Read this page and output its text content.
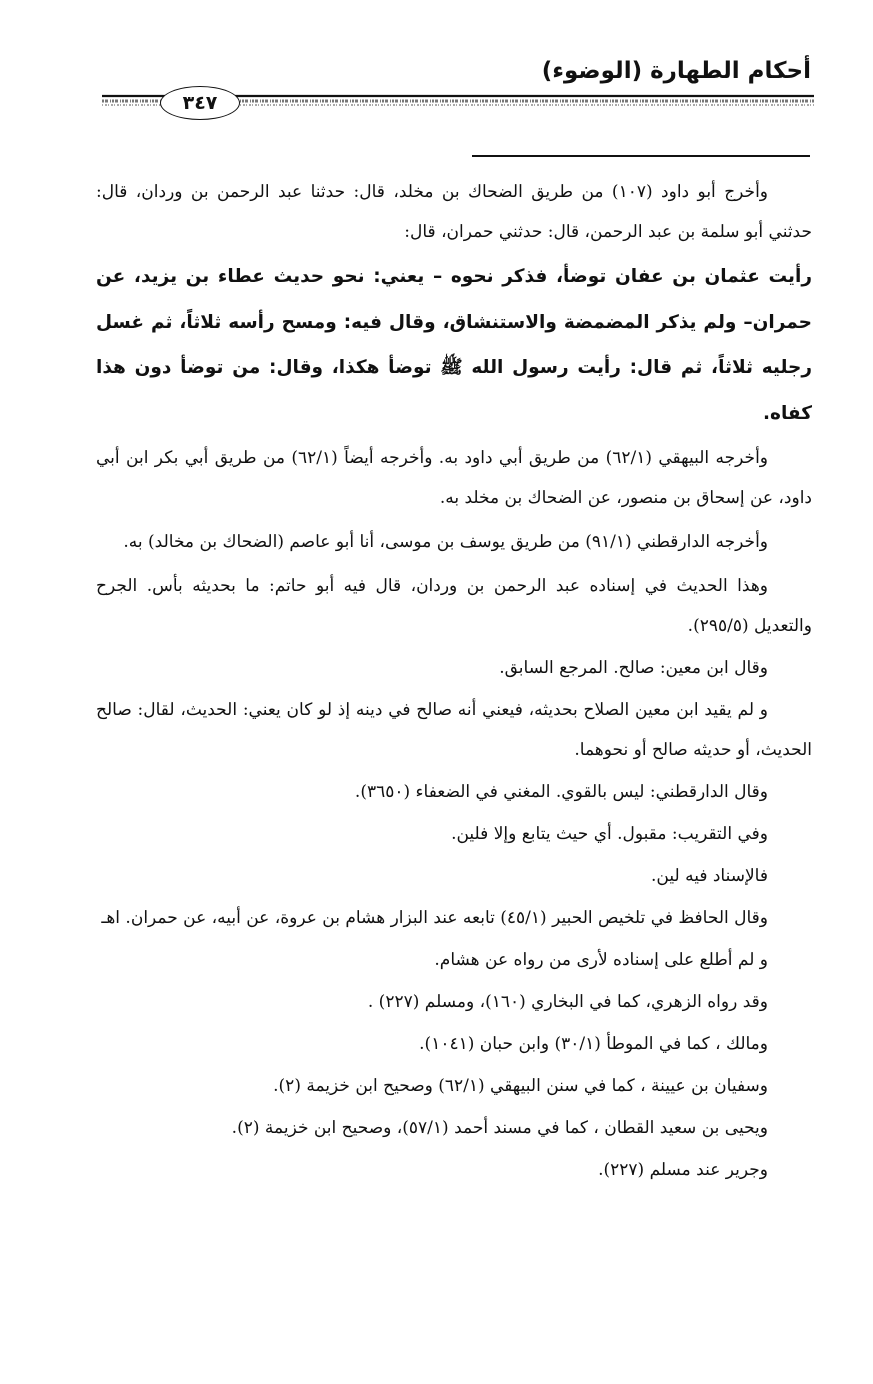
أحكام الطهارة (الوضوء)
٣٤٧

وأخرج أبو داود (١٠٧) من طريق الضحاك بن مخلد، قال: حدثنا عبد الرحمن بن وردان، قال: حدثني أبو سلمة بن عبد الرحمن، قال: حدثني حمران، قال:

رأيت عثمان بن عفان توضأ، فذكر نحوه – يعني: نحو حديث عطاء بن يزيد، عن حمران– ولم يذكر المضمضة والاستنشاق، وقال فيه: ومسح رأسه ثلاثاً، ثم غسل رجليه ثلاثاً، ثم قال: رأيت رسول الله ﷺ توضأ هكذا، وقال: من توضأ دون هذا كفاه.

وأخرجه البيهقي (٦٢/١) من طريق أبي داود به. وأخرجه أيضاً (٦٢/١) من طريق أبي بكر ابن أبي داود، عن إسحاق بن منصور، عن الضحاك بن مخلد به.

وأخرجه الدارقطني (٩١/١) من طريق يوسف بن موسى، أنا أبو عاصم (الضحاك بن مخالد) به.

وهذا الحديث في إسناده عبد الرحمن بن وردان، قال فيه أبو حاتم: ما بحديثه بأس. الجرح والتعديل (٢٩٥/٥).

وقال ابن معين: صالح. المرجع السابق.

و لم يقيد ابن معين الصلاح بحديثه، فيعني أنه صالح في دينه إذ لو كان يعني: الحديث، لقال: صالح الحديث، أو حديثه صالح أو نحوهما.

وقال الدارقطني: ليس بالقوي. المغني في الضعفاء (٣٦٥٠).

وفي التقريب: مقبول. أي حيث يتابع وإلا فلين.

فالإسناد فيه لين.

وقال الحافظ في تلخيص الحبير (٤٥/١) تابعه عند البزار هشام بن عروة، عن أبيه، عن حمران. اهـ

و لم أطلع على إسناده لأرى من رواه عن هشام.

وقد رواه الزهري، كما في البخاري (١٦٠)، ومسلم (٢٢٧) .

ومالك ، كما في الموطأ (٣٠/١) وابن حبان (١٠٤١).

وسفيان بن عيينة ، كما في سنن البيهقي (٦٢/١) وصحيح ابن خزيمة (٢).

ويحيى بن سعيد القطان ، كما في مسند أحمد (٥٧/١)، وصحيح ابن خزيمة (٢).

وجرير عند مسلم (٢٢٧).
